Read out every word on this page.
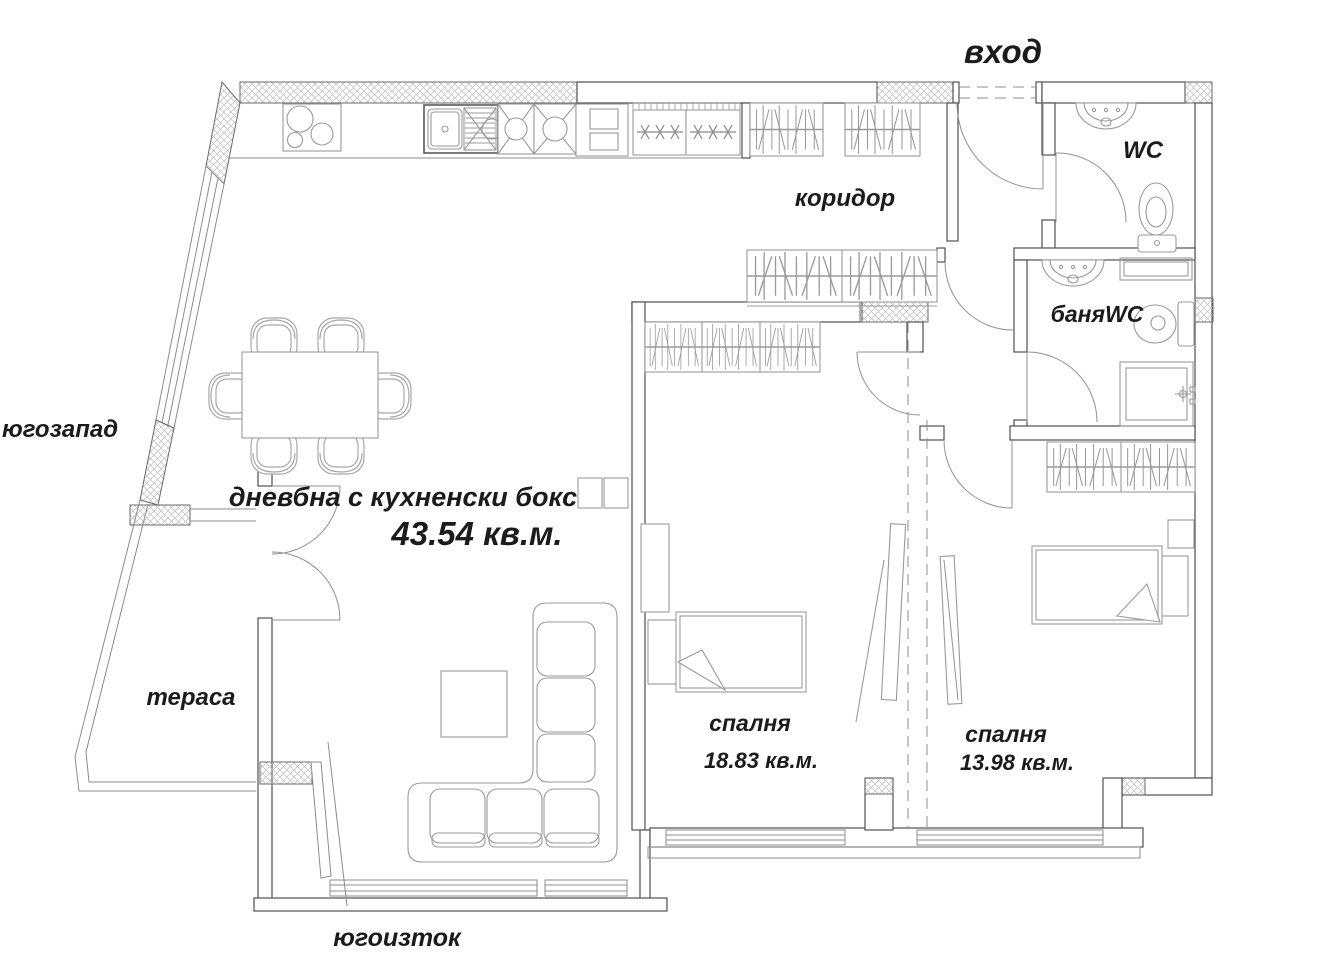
вход
WC
коридор
баняWC
югозапад
дневбна с кухненски бокс
43.54 кв.м.
тераса
спалня
18.83 кв.м.
спалня
13.98 кв.м.
югоизток
